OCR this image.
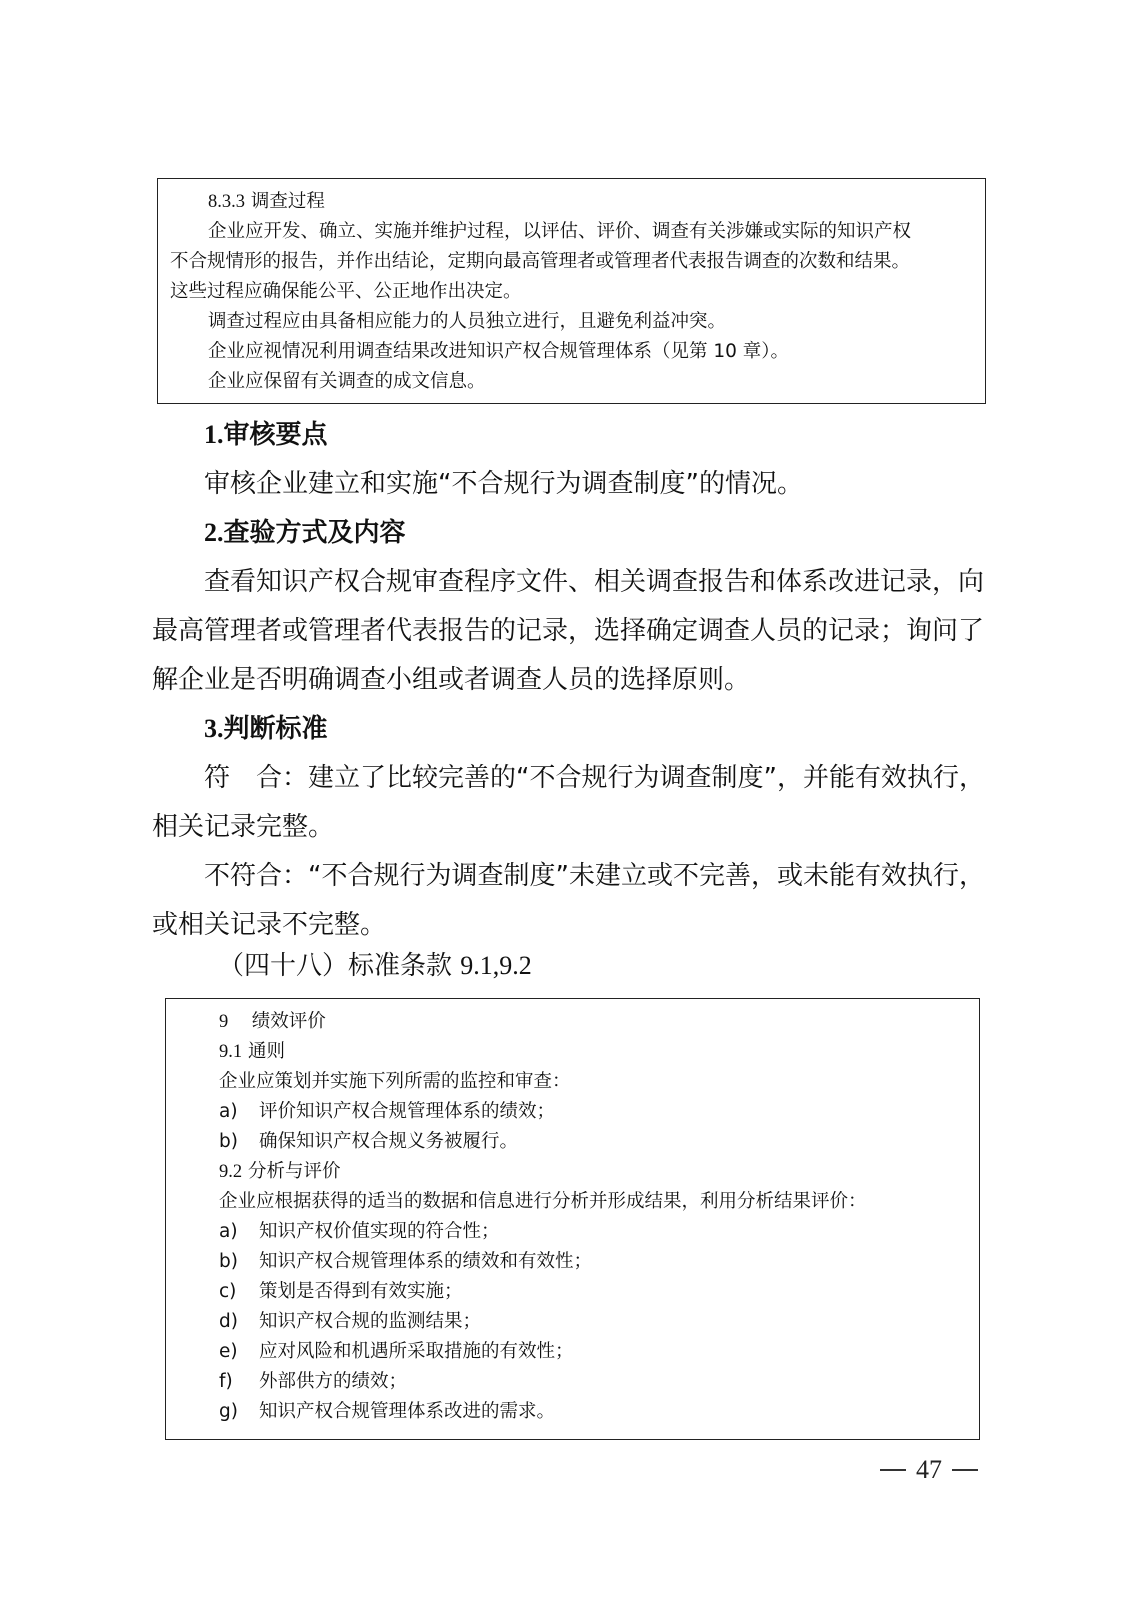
8.3.3 调查过程

企业应开发、确立、实施并维护过程，以评估、评价、调查有关涉嫌或实际的知识产权

不合规情形的报告，并作出结论，定期向最高管理者或管理者代表报告调查的次数和结果。

这些过程应确保能公平、公正地作出决定。

调查过程应由具备相应能力的人员独立进行，且避免利益冲突。

企业应视情况利用调查结果改进知识产权合规管理体系（见第 10 章）。

企业应保留有关调查的成文信息。

1.审核要点

审核企业建立和实施“不合规行为调查制度”的情况。

2.查验方式及内容

查看知识产权合规审查程序文件、相关调查报告和体系改进记录，向

最高管理者或管理者代表报告的记录，选择确定调查人员的记录；询问了

解企业是否明确调查小组或者调查人员的选择原则。

3.判断标准

符　合：建立了比较完善的“不合规行为调查制度”，并能有效执行，

相关记录完整。

不符合：“不合规行为调查制度”未建立或不完善，或未能有效执行，

或相关记录不完整。

（四十八）标准条款 9.1,9.2

9 绩效评价

9.1 通则

企业应策划并实施下列所需的监控和审查：

a)	评价知识产权合规管理体系的绩效；
b)	确保知识产权合规义务被履行。

9.2 分析与评价

企业应根据获得的适当的数据和信息进行分析并形成结果，利用分析结果评价：

a)	知识产权价值实现的符合性；
b)	知识产权合规管理体系的绩效和有效性；
c)	策划是否得到有效实施；
d)	知识产权合规的监测结果；
e)	应对风险和机遇所采取措施的有效性；
f)	外部供方的绩效；
g)	知识产权合规管理体系改进的需求。
47
